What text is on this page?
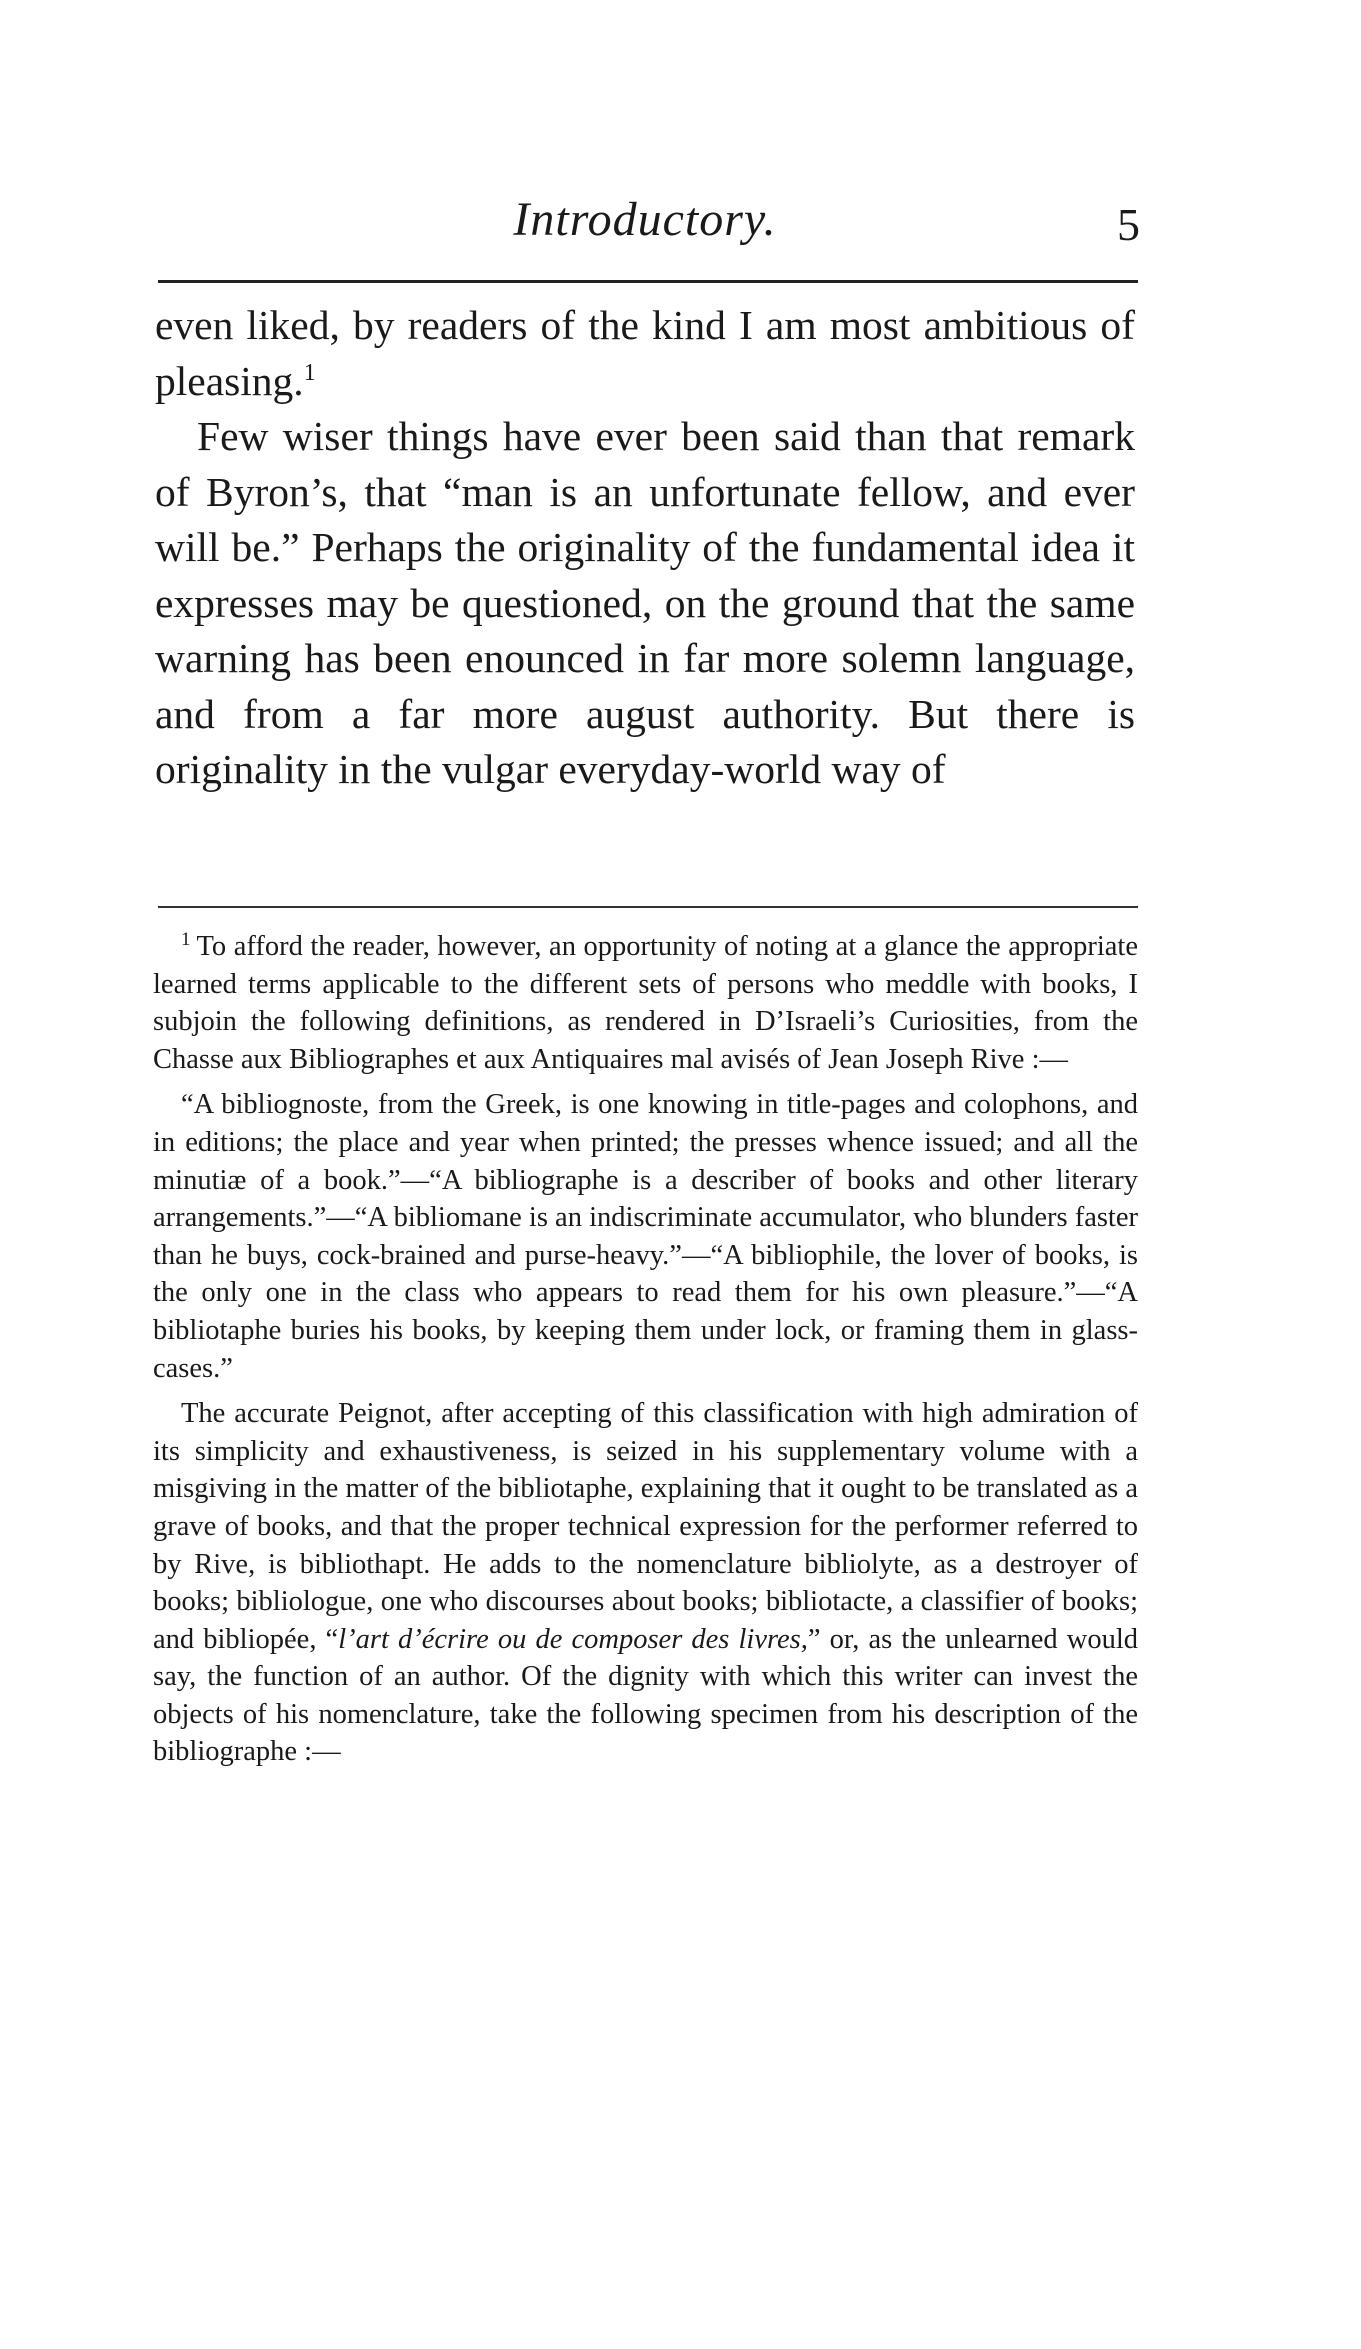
Introductory.	5

even liked, by readers of the kind I am most ambitious of pleasing.$^1$

Few wiser things have ever been said than that remark of Byron’s, that “man is an unfortunate fellow, and ever will be.” Perhaps the originality of the fundamental idea it expresses may be questioned, on the ground that the same warning has been enounced in far more solemn language, and from a far more august authority. But there is originality in the vulgar everyday-world way of

$^1$ To afford the reader, however, an opportunity of noting at a glance the appropriate learned terms applicable to the different sets of persons who meddle with books, I subjoin the following definitions, as rendered in D’Israeli’s Curiosities, from the Chasse aux Bibliographes et aux Antiquaires mal avisés of Jean Joseph Rive :—

“A bibliognoste, from the Greek, is one knowing in title-pages and colophons, and in editions; the place and year when printed; the presses whence issued; and all the minutiæ of a book.”—“A bibliographe is a describer of books and other literary arrangements.”—“A bibliomane is an indiscriminate accumulator, who blunders faster than he buys, cock-brained and purse-heavy.”—“A bibliophile, the lover of books, is the only one in the class who appears to read them for his own pleasure.”—“A bibliotaphe buries his books, by keeping them under lock, or framing them in glass-cases.”

The accurate Peignot, after accepting of this classification with high admiration of its simplicity and exhaustiveness, is seized in his supplementary volume with a misgiving in the matter of the bibliotaphe, explaining that it ought to be translated as a grave of books, and that the proper technical expression for the performer referred to by Rive, is bibliothapt. He adds to the nomenclature bibliolyte, as a destroyer of books; bibliologue, one who discourses about books; bibliotacte, a classifier of books; and bibliopée, “l’art d’écrire ou de composer des livres,” or, as the unlearned would say, the function of an author. Of the dignity with which this writer can invest the objects of his nomenclature, take the following specimen from his description of the bibliographe :—
